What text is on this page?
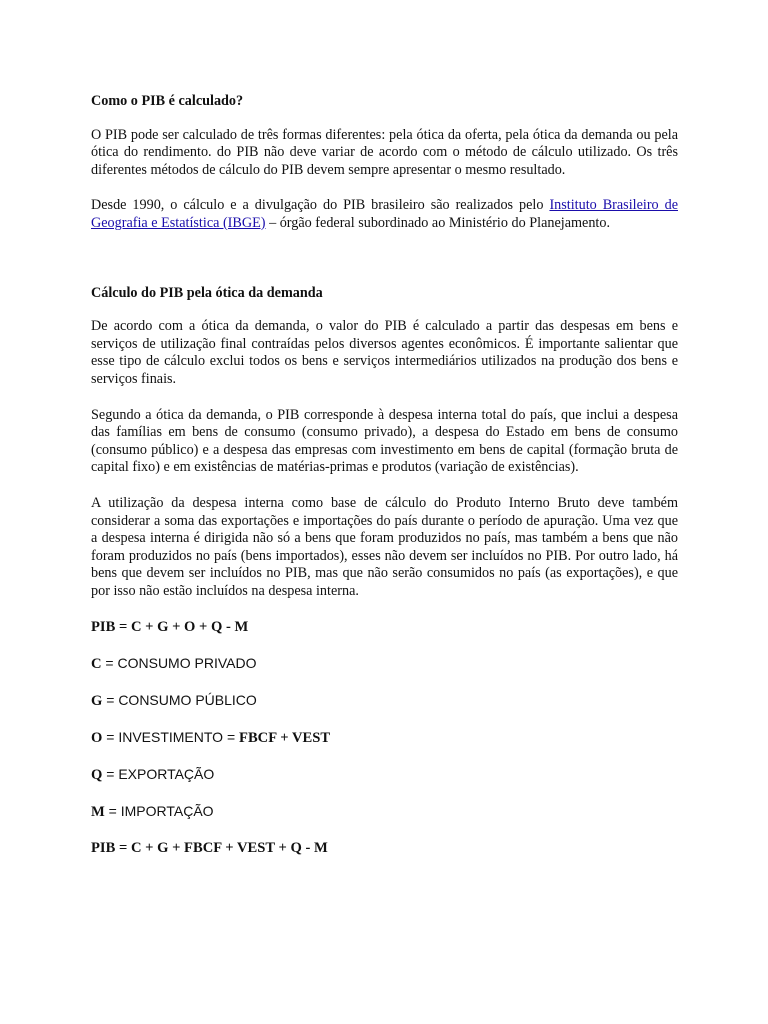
Como o PIB é calculado?

O PIB pode ser calculado de três formas diferentes: pela ótica da oferta, pela ótica da demanda ou pela ótica do rendimento. do PIB não deve variar de acordo com o método de cálculo utilizado. Os três diferentes métodos de cálculo do PIB devem sempre apresentar o mesmo resultado.

Desde 1990, o cálculo e a divulgação do PIB brasileiro são realizados pelo Instituto Brasileiro de Geografia e Estatística (IBGE) – órgão federal subordinado ao Ministério do Planejamento.

Cálculo do PIB pela ótica da demanda

De acordo com a ótica da demanda, o valor do PIB é calculado a partir das despesas em bens e serviços de utilização final contraídas pelos diversos agentes econômicos. É importante salientar que esse tipo de cálculo exclui todos os bens e serviços intermediários utilizados na produção dos bens e serviços finais.

Segundo a ótica da demanda, o PIB corresponde à despesa interna total do país, que inclui a despesa das famílias em bens de consumo (consumo privado), a despesa do Estado em bens de consumo (consumo público) e a despesa das empresas com investimento em bens de capital (formação bruta de capital fixo) e em existências de matérias-primas e produtos (variação de existências).

A utilização da despesa interna como base de cálculo do Produto Interno Bruto deve também considerar a soma das exportações e importações do país durante o período de apuração. Uma vez que a despesa interna é dirigida não só a bens que foram produzidos no país, mas também a bens que não foram produzidos no país (bens importados), esses não devem ser incluídos no PIB. Por outro lado, há bens que devem ser incluídos no PIB, mas que não serão consumidos no país (as exportações), e que por isso não estão incluídos na despesa interna.

PIB = C + G + O + Q - M

C = CONSUMO PRIVADO

G = CONSUMO PÚBLICO

O = INVESTIMENTO = FBCF + VEST

Q = EXPORTAÇÃO

M = IMPORTAÇÃO

PIB = C + G + FBCF + VEST + Q - M
